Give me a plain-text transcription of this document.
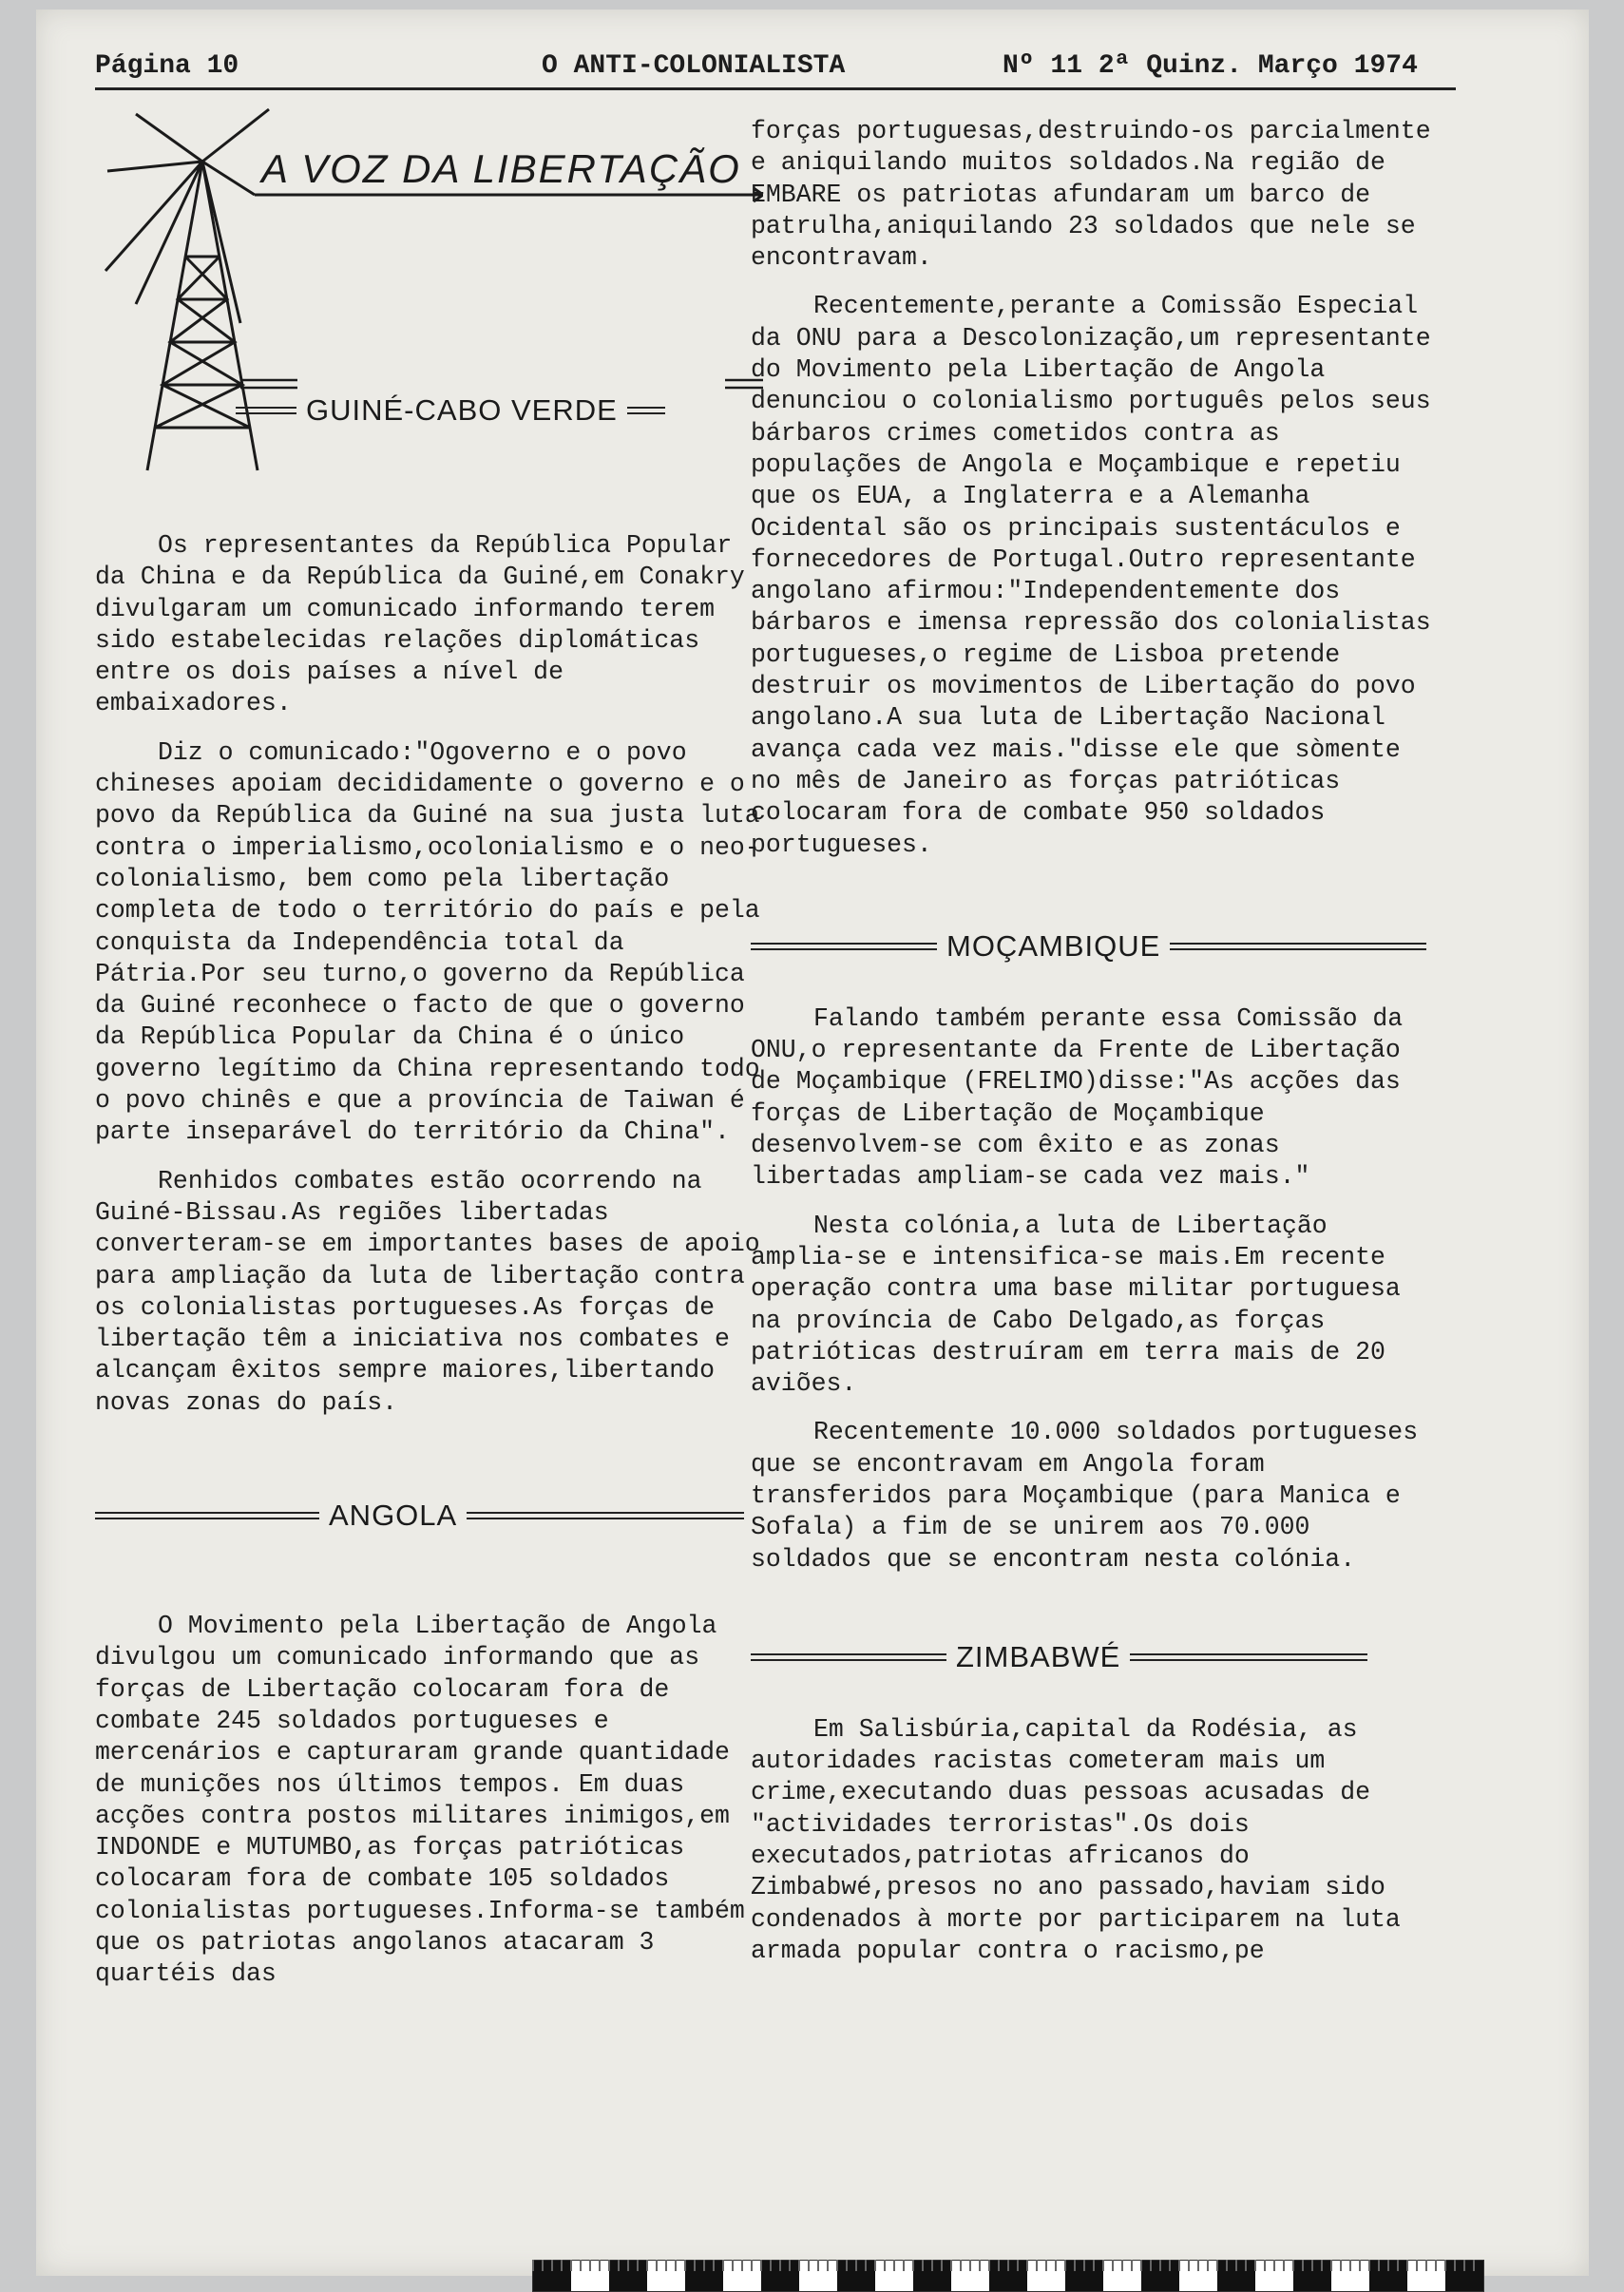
Página 10	O ANTI-COLONIALISTA	Nº 11 2ª Quinz. Março 1974
A VOZ DA LIBERTAÇÃO
GUINÉ-CABO VERDE

Os representantes da República Popular da China e da República da Guiné,em Conakry divulgaram um comunicado informando terem sido estabelecidas relações diplomáticas entre os dois países a nível de embaixadores.

Diz o comunicado:"Ogoverno e o povo chineses apoiam decididamente o governo e o povo da República da Guiné na sua justa luta contra o imperialismo,ocolonialismo e o neo-colonialismo, bem como pela libertação completa de todo o território do país e pela conquista da Independência total da Pátria.Por seu turno,o governo da República da Guiné reconhece o facto de que o governo da República Popular da China é o único governo legítimo da China representando todo o povo chinês e que a província de Taiwan é parte inseparável do território da China".

Renhidos combates estão ocorrendo na Guiné-Bissau.As regiões libertadas converteram-se em importantes bases de apoio para ampliação da luta de libertação contra os colonialistas portugueses.As forças de libertação têm a iniciativa nos combates e alcançam êxitos sempre maiores,libertando novas zonas do país.

ANGOLA

O Movimento pela Libertação de Angola divulgou um comunicado informando que as forças de Libertação colocaram fora de combate 245 soldados portugueses e mercenários e capturaram grande quantidade de munições nos últimos tempos. Em duas acções contra postos militares inimigos,em INDONDE e MUTUMBO,as forças patrióticas colocaram fora de combate 105 soldados colonialistas portugueses.Informa-se também que os patriotas angolanos atacaram 3 quartéis das

forças portuguesas,destruindo-os parcialmente e aniquilando muitos soldados.Na região de EMBARE os patriotas afundaram um barco de patrulha,aniquilando 23 soldados que nele se encontravam.

Recentemente,perante a Comissão Especial da ONU para a Descolonização,um representante do Movimento pela Libertação de Angola denunciou o colonialismo português pelos seus bárbaros crimes cometidos contra as populações de Angola e Moçambique e repetiu que os EUA, a Inglaterra e a Alemanha Ocidental são os principais sustentáculos e fornecedores de Portugal.Outro representante angolano afirmou:"Independentemente dos bárbaros e imensa repressão dos colonialistas portugueses,o regime de Lisboa pretende destruir os movimentos de Libertação do povo angolano.A sua luta de Libertação Nacional avança cada vez mais."disse ele que sòmente no mês de Janeiro as forças patrióticas colocaram fora de combate 950 soldados portugueses.

MOÇAMBIQUE

Falando também perante essa Comissão da ONU,o representante da Frente de Libertação de Moçambique (FRELIMO)disse:"As acções das forças de Libertação de Moçambique desenvolvem-se com êxito e as zonas libertadas ampliam-se cada vez mais."

Nesta colónia,a luta de Libertação amplia-se e intensifica-se mais.Em recente operação contra uma base militar portuguesa na província de Cabo Delgado,as forças patrióticas destruíram em terra mais de 20 aviões.

Recentemente 10.000 soldados portugueses que se encontravam em Angola foram transferidos para Moçambique (para Manica e Sofala) a fim de se unirem aos 70.000 soldados que se encontram nesta colónia.

ZIMBABWÉ

Em Salisbúria,capital da Rodésia, as autoridades racistas cometeram mais um crime,executando duas pessoas acusadas de "actividades terroristas".Os dois executados,patriotas africanos do Zimbabwé,presos no ano passado,haviam sido condenados à morte por participarem na luta armada popular contra o racismo,pe
